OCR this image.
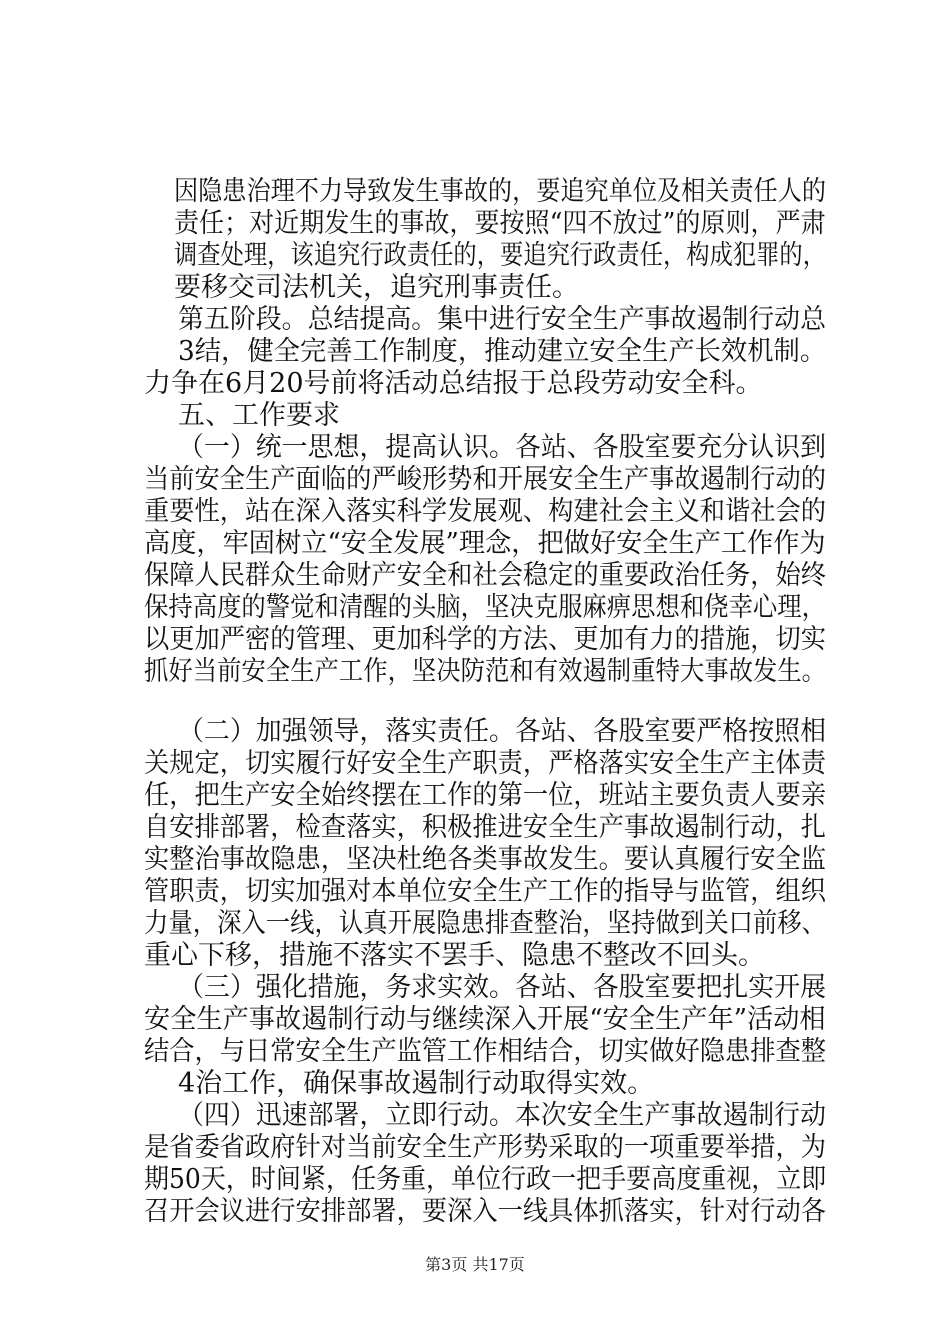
因隐患治理不力导致发生事故的，要追究单位及相关责任人的
责任；对近期发生的事故，要按照“四不放过”的原则，严肃
调查处理，该追究行政责任的，要追究行政责任，构成犯罪的，
要移交司法机关，追究刑事责任。
第五阶段。总结提高。集中进行安全生产事故遏制行动总
3结，健全完善工作制度，推动建立安全生产长效机制。
力争在6月20号前将活动总结报于总段劳动安全科。
五、工作要求
（一）统一思想，提高认识。各站、各股室要充分认识到
当前安全生产面临的严峻形势和开展安全生产事故遏制行动的
重要性，站在深入落实科学发展观、构建社会主义和谐社会的
高度，牢固树立“安全发展”理念，把做好安全生产工作作为
保障人民群众生命财产安全和社会稳定的重要政治任务，始终
保持高度的警觉和清醒的头脑，坚决克服麻痹思想和侥幸心理，
以更加严密的管理、更加科学的方法、更加有力的措施，切实
抓好当前安全生产工作，坚决防范和有效遏制重特大事故发生。
（二）加强领导，落实责任。各站、各股室要严格按照相
关规定，切实履行好安全生产职责，严格落实安全生产主体责
任，把生产安全始终摆在工作的第一位，班站主要负责人要亲
自安排部署，检查落实，积极推进安全生产事故遏制行动，扎
实整治事故隐患，坚决杜绝各类事故发生。要认真履行安全监
管职责，切实加强对本单位安全生产工作的指导与监管，组织
力量，深入一线，认真开展隐患排查整治，坚持做到关口前移、
重心下移，措施不落实不罢手、隐患不整改不回头。
（三）强化措施，务求实效。各站、各股室要把扎实开展
安全生产事故遏制行动与继续深入开展“安全生产年”活动相
结合，与日常安全生产监管工作相结合，切实做好隐患排查整
4治工作，确保事故遏制行动取得实效。
（四）迅速部署，立即行动。本次安全生产事故遏制行动
是省委省政府针对当前安全生产形势采取的一项重要举措，为
期50天，时间紧，任务重，单位行政一把手要高度重视，立即
召开会议进行安排部署，要深入一线具体抓落实，针对行动各
第3页 共17页
